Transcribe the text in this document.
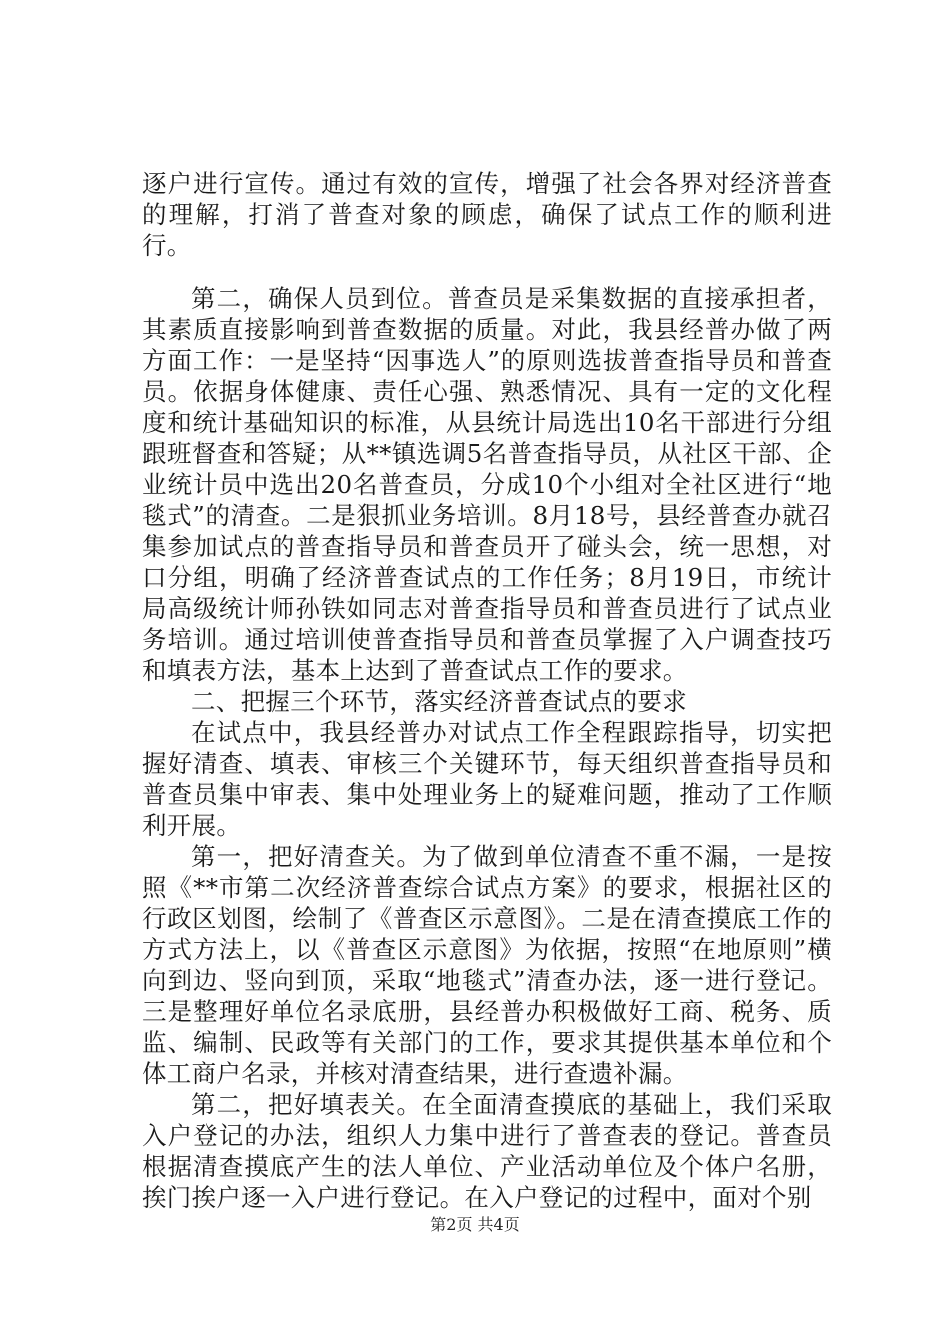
逐户进行宣传。通过有效的宣传，增强了社会各界对经济普查的理解，打消了普查对象的顾虑，确保了试点工作的顺利进行。

第二，确保人员到位。普查员是采集数据的直接承担者，其素质直接影响到普查数据的质量。对此，我县经普办做了两方面工作：一是坚持“因事选人”的原则选拔普查指导员和普查员。依据身体健康、责任心强、熟悉情况、具有一定的文化程度和统计基础知识的标准，从县统计局选出10名干部进行分组跟班督查和答疑；从**镇选调5名普查指导员，从社区干部、企业统计员中选出20名普查员，分成10个小组对全社区进行“地毯式”的清查。二是狠抓业务培训。8月18号，县经普查办就召集参加试点的普查指导员和普查员开了碰头会，统一思想，对口分组，明确了经济普查试点的工作任务；8月19日，市统计局高级统计师孙铁如同志对普查指导员和普查员进行了试点业务培训。通过培训使普查指导员和普查员掌握了入户调查技巧和填表方法，基本上达到了普查试点工作的要求。

二、把握三个环节，落实经济普查试点的要求

在试点中，我县经普办对试点工作全程跟踪指导，切实把握好清查、填表、审核三个关键环节，每天组织普查指导员和普查员集中审表、集中处理业务上的疑难问题，推动了工作顺利开展。

第一，把好清查关。为了做到单位清查不重不漏，一是按照《**市第二次经济普查综合试点方案》的要求，根据社区的行政区划图，绘制了《普查区示意图》。二是在清查摸底工作的方式方法上，以《普查区示意图》为依据，按照“在地原则”横向到边、竖向到顶，采取“地毯式”清查办法，逐一进行登记。三是整理好单位名录底册，县经普办积极做好工商、税务、质监、编制、民政等有关部门的工作，要求其提供基本单位和个体工商户名录，并核对清查结果，进行查遗补漏。

第二，把好填表关。在全面清查摸底的基础上，我们采取入户登记的办法，组织人力集中进行了普查表的登记。普查员根据清查摸底产生的法人单位、产业活动单位及个体户名册，挨门挨户逐一入户进行登记。在入户登记的过程中，面对个别

第2页 共4页
